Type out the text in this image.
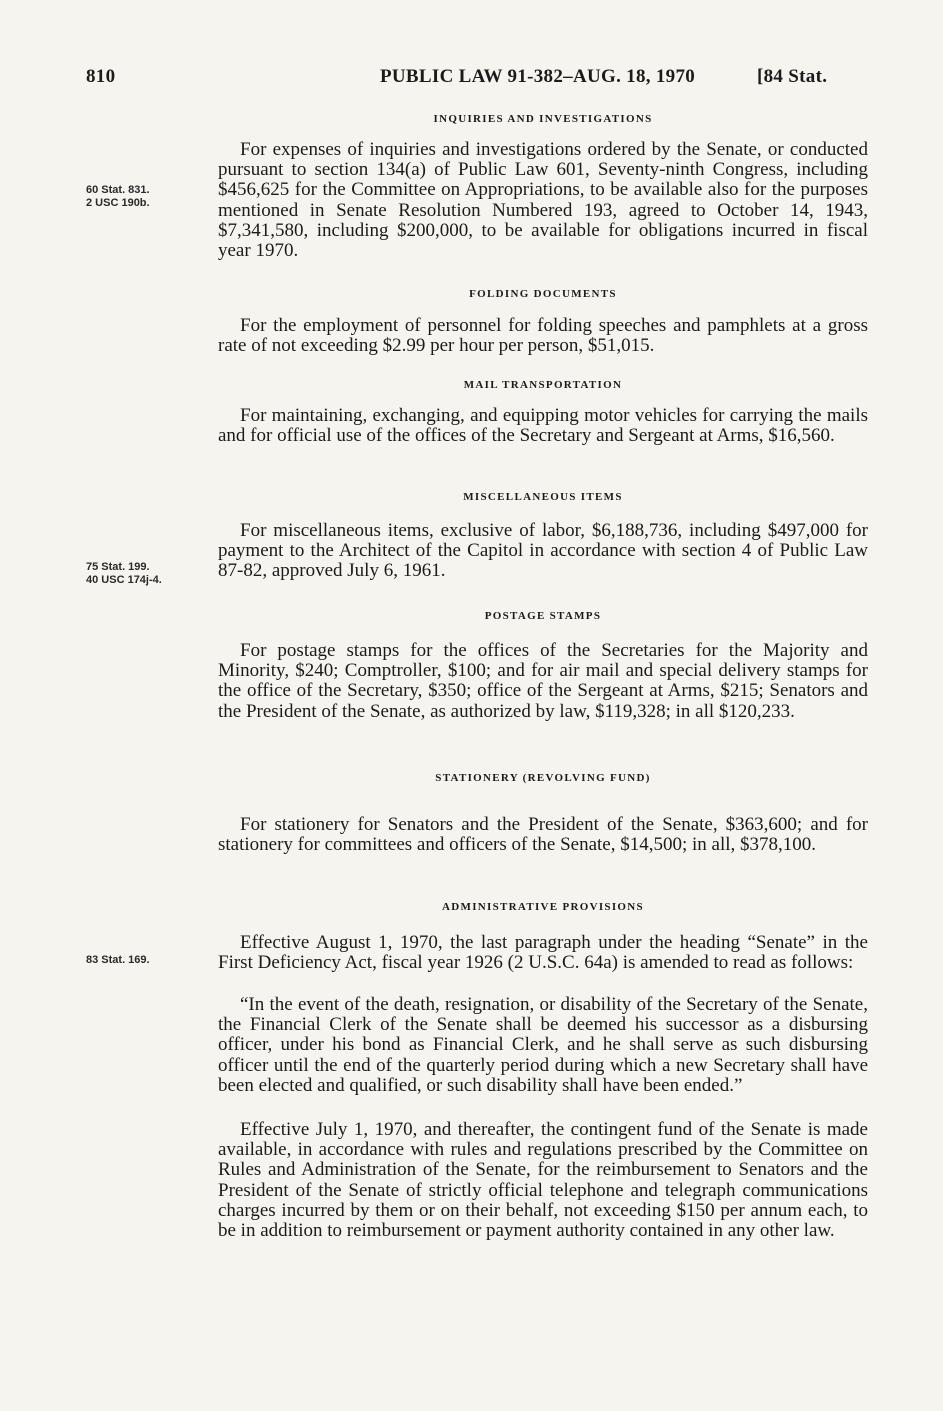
810	PUBLIC LAW 91-382–AUG. 18, 1970	[84 Stat.
60 Stat. 831.
2 USC 190b.
75 Stat. 199.
40 USC 174j-4.
83 Stat. 169.
INQUIRIES AND INVESTIGATIONS

For expenses of inquiries and investigations ordered by the Senate, or conducted pursuant to section 134(a) of Public Law 601, Seventy-ninth Congress, including $456,625 for the Committee on Appropriations, to be available also for the purposes mentioned in Senate Resolution Numbered 193, agreed to October 14, 1943, $7,341,580, including $200,000, to be available for obligations incurred in fiscal year 1970.

FOLDING DOCUMENTS

For the employment of personnel for folding speeches and pamphlets at a gross rate of not exceeding $2.99 per hour per person, $51,015.

MAIL TRANSPORTATION

For maintaining, exchanging, and equipping motor vehicles for carrying the mails and for official use of the offices of the Secretary and Sergeant at Arms, $16,560.

MISCELLANEOUS ITEMS

For miscellaneous items, exclusive of labor, $6,188,736, including $497,000 for payment to the Architect of the Capitol in accordance with section 4 of Public Law 87-82, approved July 6, 1961.

POSTAGE STAMPS

For postage stamps for the offices of the Secretaries for the Majority and Minority, $240; Comptroller, $100; and for air mail and special delivery stamps for the office of the Secretary, $350; office of the Sergeant at Arms, $215; Senators and the President of the Senate, as authorized by law, $119,328; in all $120,233.

STATIONERY (REVOLVING FUND)

For stationery for Senators and the President of the Senate, $363,600; and for stationery for committees and officers of the Senate, $14,500; in all, $378,100.

ADMINISTRATIVE PROVISIONS

Effective August 1, 1970, the last paragraph under the heading “Senate” in the First Deficiency Act, fiscal year 1926 (2 U.S.C. 64a) is amended to read as follows:

“In the event of the death, resignation, or disability of the Secretary of the Senate, the Financial Clerk of the Senate shall be deemed his successor as a disbursing officer, under his bond as Financial Clerk, and he shall serve as such disbursing officer until the end of the quarterly period during which a new Secretary shall have been elected and qualified, or such disability shall have been ended.”

Effective July 1, 1970, and thereafter, the contingent fund of the Senate is made available, in accordance with rules and regulations prescribed by the Committee on Rules and Administration of the Senate, for the reimbursement to Senators and the President of the Senate of strictly official telephone and telegraph communications charges incurred by them or on their behalf, not exceeding $150 per annum each, to be in addition to reimbursement or payment authority contained in any other law.
